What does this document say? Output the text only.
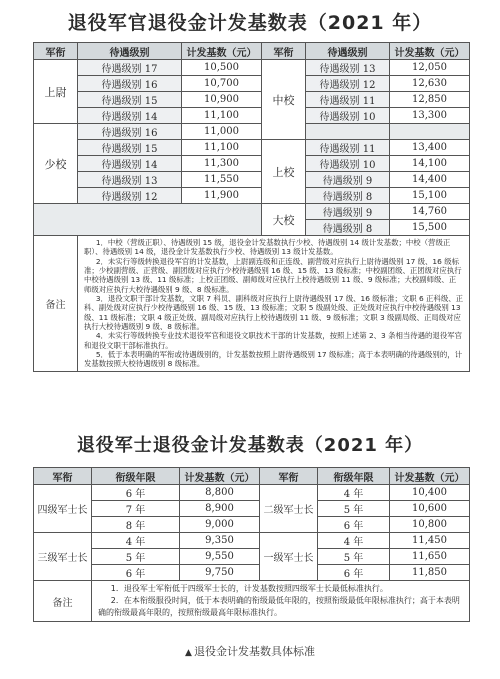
退役军官退役金计发基数表（2021 年）
军衔	待遇级别	计发基数（元）	军衔	待遇级别	计发基数（元）
上尉	待遇级别 17	10,500	中校	待遇级别 13	12,050
	待遇级别 16	10,700		待遇级别 12	12,630
	待遇级别 15	10,900		待遇级别 11	12,850
	待遇级别 14	11,100		待遇级别 10	13,300
少校	待遇级别 16	11,000			
	待遇级别 15	11,100	上校	待遇级别 11	13,400
	待遇级别 14	11,300		待遇级别 10	14,100
	待遇级别 13	11,550		待遇级别 9	14,400
	待遇级别 12	11,900		待遇级别 8	15,100
			大校	待遇级别 9	14,760
				待遇级别 8	15,500
备注	1．中校（营级正职）、待遇级别 15 级，退役金计发基数执行少校、待遇级别 14 级计发基数；中校（营级正职）、待遇级别 14 级，退役金计发基数执行少校、待遇级别 13 级计发基数。

2．未实行等级转换退役军官的计发基数，上尉副连级和正连级、副营级对应执行上尉待遇级别 17 级、16 级标准；少校副营级、正营级、副团级对应执行少校待遇级别 16 级、15 级、13 级标准；中校副团级、正团级对应执行中校待遇级别 13 级、11 级标准；上校正团级、副师级对应执行上校待遇级别 11 级、9 级标准；大校副师级、正师级对应执行大校待遇级别 9 级、8 级标准。

3．退役文职干部计发基数，文职 7 科员、副科级对应执行上尉待遇级别 17 级、16 级标准；文职 6 正科级、正科、副处级对应执行少校待遇级别 16 级、15 级、13 级标准；文职 5 级副处级、正处级对应执行中校待遇级别 13 级、11 级标准；文职 4 级正处级、副局级对应执行上校待遇级别 11 级、9 级标准；文职 3 级副局级、正局级对应执行大校待遇级别 9 级、8 级标准。

4．未实行等级转换专业技术退役军官和退役文职技术干部的计发基数，按照上述第 2、3 条相当待遇的退役军官和退役文职干部标准执行。

5．低于本表明确的军衔或待遇级别的，计发基数按照上尉待遇级别 17 级标准；高于本表明确的待遇级别的，计发基数按照大校待遇级别 8 级标准。				

退役军士退役金计发基数表（2021 年）
军衔	衔级年限	计发基数（元）	军衔	衔级年限	计发基数（元）
四级军士长	6 年	8,800	二级军士长	4 年	10,400
	7 年	8,900		5 年	10,600
	8 年	9,000		6 年	10,800
三级军士长	4 年	9,350	一级军士长	4 年	11,450
	5 年	9,550		5 年	11,650
	6 年	9,750		6 年	11,850
备注	1．退役军士军衔低于四级军士长的，计发基数按照四级军士长最低标准执行。

2．在本衔级服役时间，低于本表明确的衔级最低年限的，按照衔级最低年限标准执行；高于本表明确的衔级最高年限的，按照衔级最高年限标准执行。				

▲ 退役金计发基数具体标准
